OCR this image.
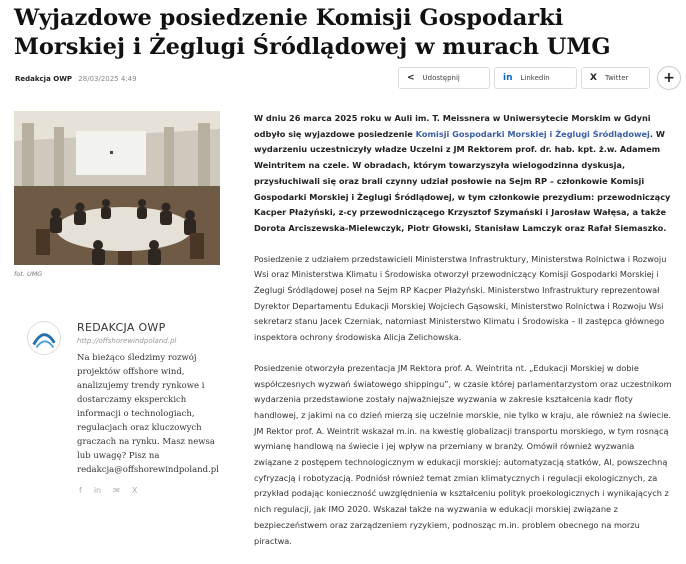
Wyjazdowe posiedzenie Komisji Gospodarki Morskiej i Żeglugi Śródlądowej w murach UMG
Redakcja OWP 28/03/2025 4:49	< Udostępnij	in Linkedin	X Twitter	+
fot. UMG
REDAKCJA OWP
http://offshorewindpoland.pl
Na bieżąco śledzimy rozwój projektów offshore wind, analizujemy trendy rynkowe i dostarczamy eksperckich informacji o technologiach, regulacjach oraz kluczowych graczach na rynku. Masz newsa lub uwagę? Pisz na redakcja@offshorewindpoland.pl
f in ✉ X

W dniu 26 marca 2025 roku w Auli im. T. Meissnera w Uniwersytecie Morskim w Gdyni odbyło się wyjazdowe posiedzenie Komisji Gospodarki Morskiej i Żeglugi Śródlądowej. W wydarzeniu uczestniczyły władze Uczelni z JM Rektorem prof. dr. hab. kpt. ż.w. Adamem Weintritem na czele. W obradach, którym towarzyszyła wielogodzinna dyskusja, przysłuchiwali się oraz brali czynny udział posłowie na Sejm RP – członkowie Komisji Gospodarki Morskiej i Żeglugi Śródlądowej, w tym członkowie prezydium: przewodniczący Kacper Płażyński, z-cy przewodniczącego Krzysztof Szymański i Jarosław Wałęsa, a także Dorota Arciszewska-Mielewczyk, Piotr Głowski, Stanisław Lamczyk oraz Rafał Siemaszko.

Posiedzenie z udziałem przedstawicieli Ministerstwa Infrastruktury, Ministerstwa Rolnictwa i Rozwoju Wsi oraz Ministerstwa Klimatu i Środowiska otworzył przewodniczący Komisji Gospodarki Morskiej i Żeglugi Śródlądowej poseł na Sejm RP Kacper Płażyński. Ministerstwo Infrastruktury reprezentował Dyrektor Departamentu Edukacji Morskiej Wojciech Gąsowski, Ministerstwo Rolnictwa i Rozwoju Wsi sekretarz stanu Jacek Czerniak, natomiast Ministerstwo Klimatu i Środowiska – II zastępca głównego inspektora ochrony środowiska Alicja Żelichowska.

Posiedzenie otworzyła prezentacja JM Rektora prof. A. Weintrita nt. „Edukacji Morskiej w dobie współczesnych wyzwań światowego shippingu”, w czasie której parlamentarzystom oraz uczestnikom wydarzenia przedstawione zostały najważniejsze wyzwania w zakresie kształcenia kadr floty handlowej, z jakimi na co dzień mierzą się uczelnie morskie, nie tylko w kraju, ale również na świecie. JM Rektor prof. A. Weintrit wskazał m.in. na kwestię globalizacji transportu morskiego, w tym rosnącą wymianę handlową na świecie i jej wpływ na przemiany w branży. Omówił również wyzwania związane z postępem technologicznym w edukacji morskiej: automatyzacją statków, AI, powszechną cyfryzacją i robotyzacją. Podniósł również temat zmian klimatycznych i regulacji ekologicznych, za przykład podając konieczność uwzględnienia w kształceniu polityk proekologicznych i wynikających z nich regulacji, jak IMO 2020. Wskazał także na wyzwania w edukacji morskiej związane z bezpieczeństwem oraz zarządzeniem ryzykiem, podnosząc m.in. problem obecnego na morzu piractwa.
